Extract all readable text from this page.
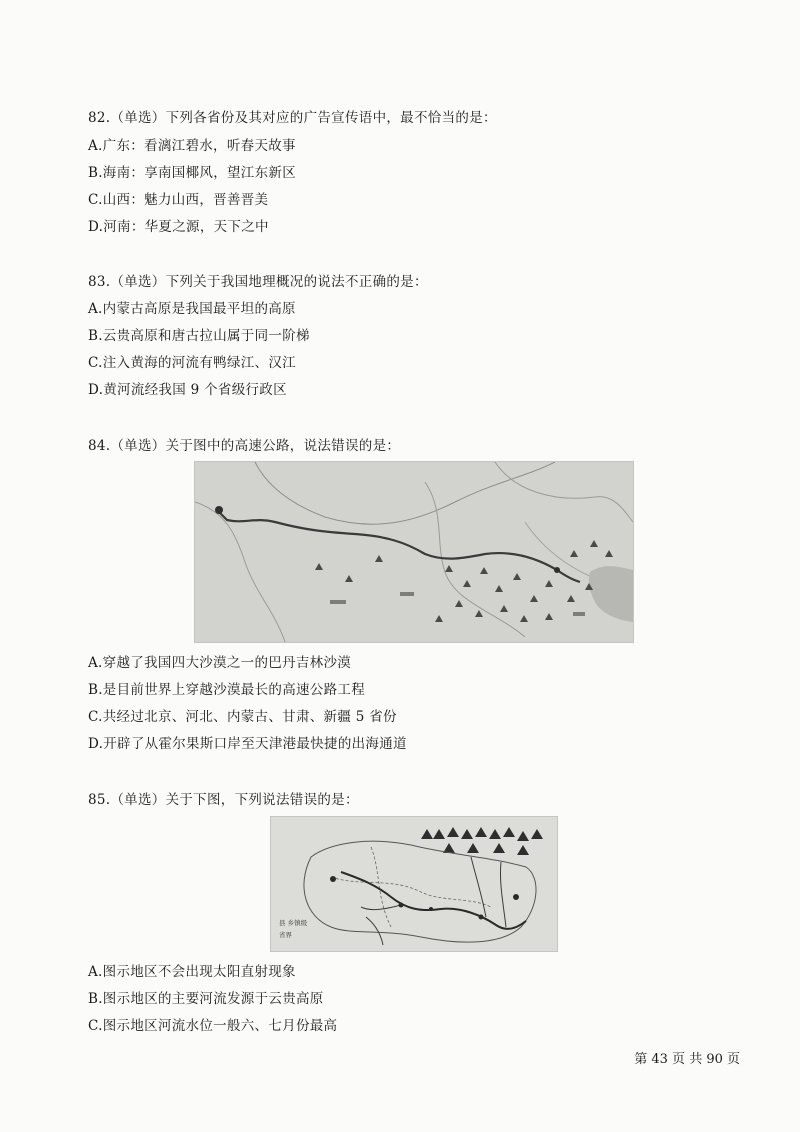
82.（单选）下列各省份及其对应的广告宣传语中，最不恰当的是：
A.广东：看漓江碧水，听春天故事
B.海南：享南国椰风，望江东新区
C.山西：魅力山西，晋善晋美
D.河南：华夏之源，天下之中
83.（单选）下列关于我国地理概况的说法不正确的是：
A.内蒙古高原是我国最平坦的高原
B.云贵高原和唐古拉山属于同一阶梯
C.注入黄海的河流有鸭绿江、汉江
D.黄河流经我国 9 个省级行政区
84.（单选）关于图中的高速公路，说法错误的是：
A.穿越了我国四大沙漠之一的巴丹吉林沙漠
B.是目前世界上穿越沙漠最长的高速公路工程
C.共经过北京、河北、内蒙古、甘肃、新疆 5 省份
D.开辟了从霍尔果斯口岸至天津港最快捷的出海通道
85.（单选）关于下图，下列说法错误的是：
县 乡镇级
省界
A.图示地区不会出现太阳直射现象
B.图示地区的主要河流发源于云贵高原
C.图示地区河流水位一般六、七月份最高
第 43 页 共 90 页
